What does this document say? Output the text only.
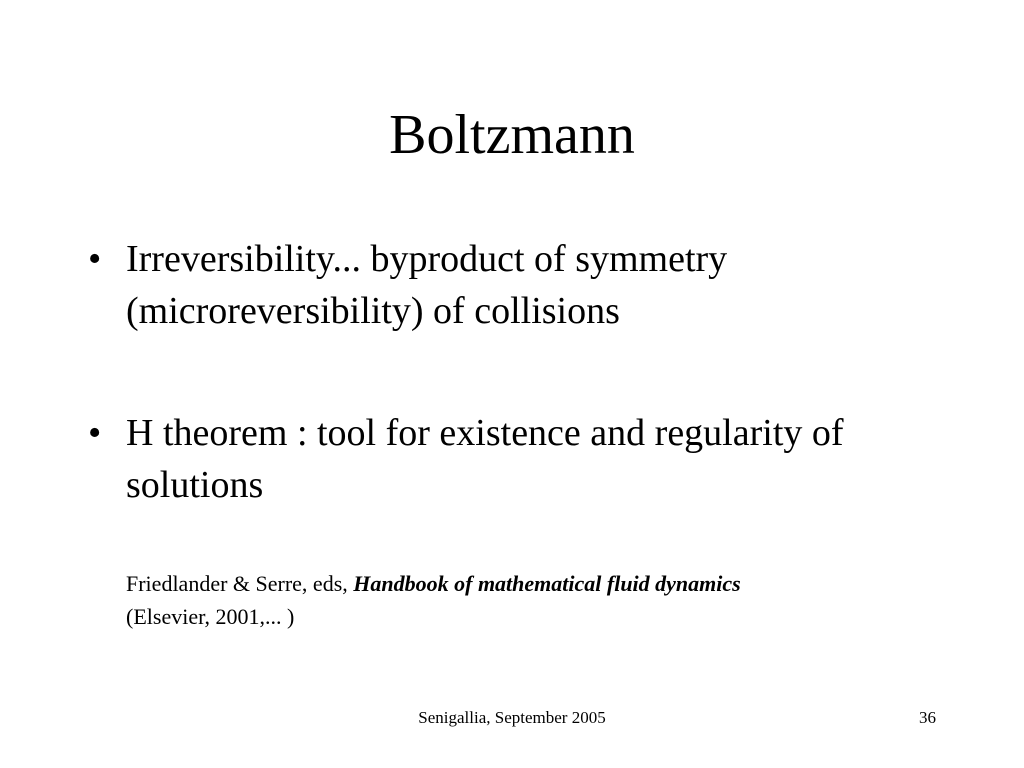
Boltzmann
• Irreversibility... byproduct of symmetry (microreversibility) of collisions
• H theorem : tool for existence and regularity of solutions
Friedlander & Serre, eds, Handbook of mathematical fluid dynamics
(Elsevier, 2001,... )
Senigallia, September 2005	36
